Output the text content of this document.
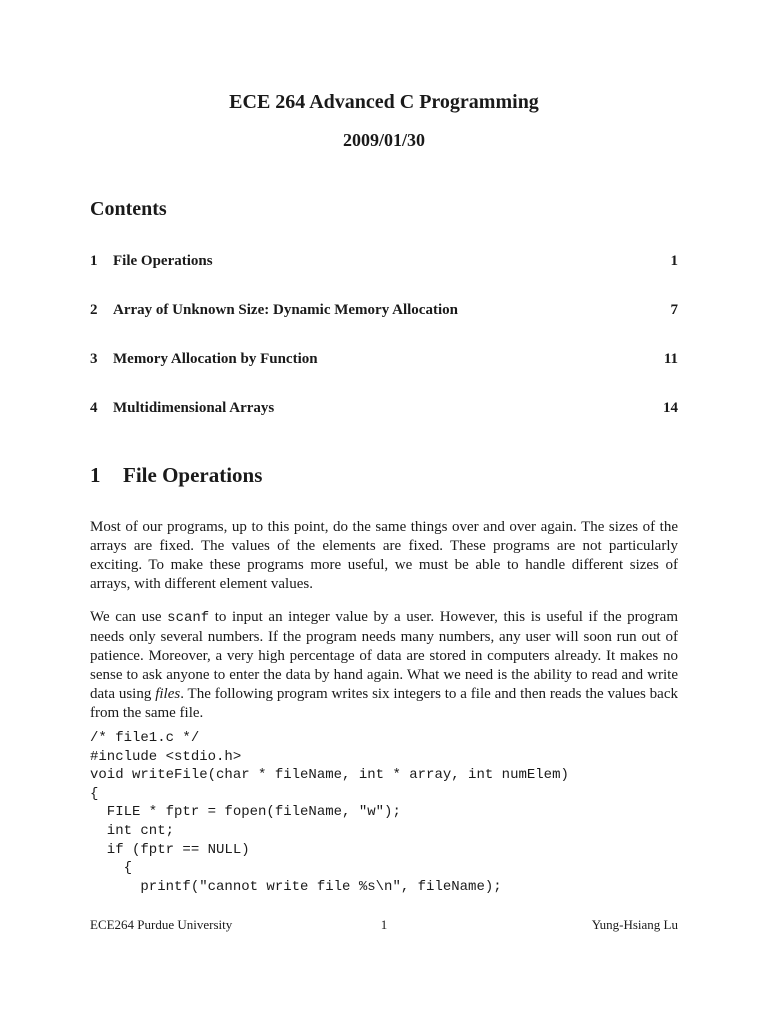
ECE 264 Advanced C Programming
2009/01/30
Contents
1	File Operations	1
2	Array of Unknown Size: Dynamic Memory Allocation	7
3	Memory Allocation by Function	11
4	Multidimensional Arrays	14
1	File Operations
Most of our programs, up to this point, do the same things over and over again. The sizes of the arrays are fixed. The values of the elements are fixed. These programs are not particularly exciting. To make these programs more useful, we must be able to handle different sizes of arrays, with different element values.
We can use scanf to input an integer value by a user. However, this is useful if the program needs only several numbers. If the program needs many numbers, any user will soon run out of patience. Moreover, a very high percentage of data are stored in computers already. It makes no sense to ask anyone to enter the data by hand again. What we need is the ability to read and write data using files. The following program writes six integers to a file and then reads the values back from the same file.
/* file1.c */
#include <stdio.h>
void writeFile(char * fileName, int * array, int numElem)
{
FILE * fptr = fopen(fileName, "w");
int cnt;
if (fptr == NULL)
{
printf("cannot write file %s\n", fileName);
ECE264 Purdue University	1	Yung-Hsiang Lu
